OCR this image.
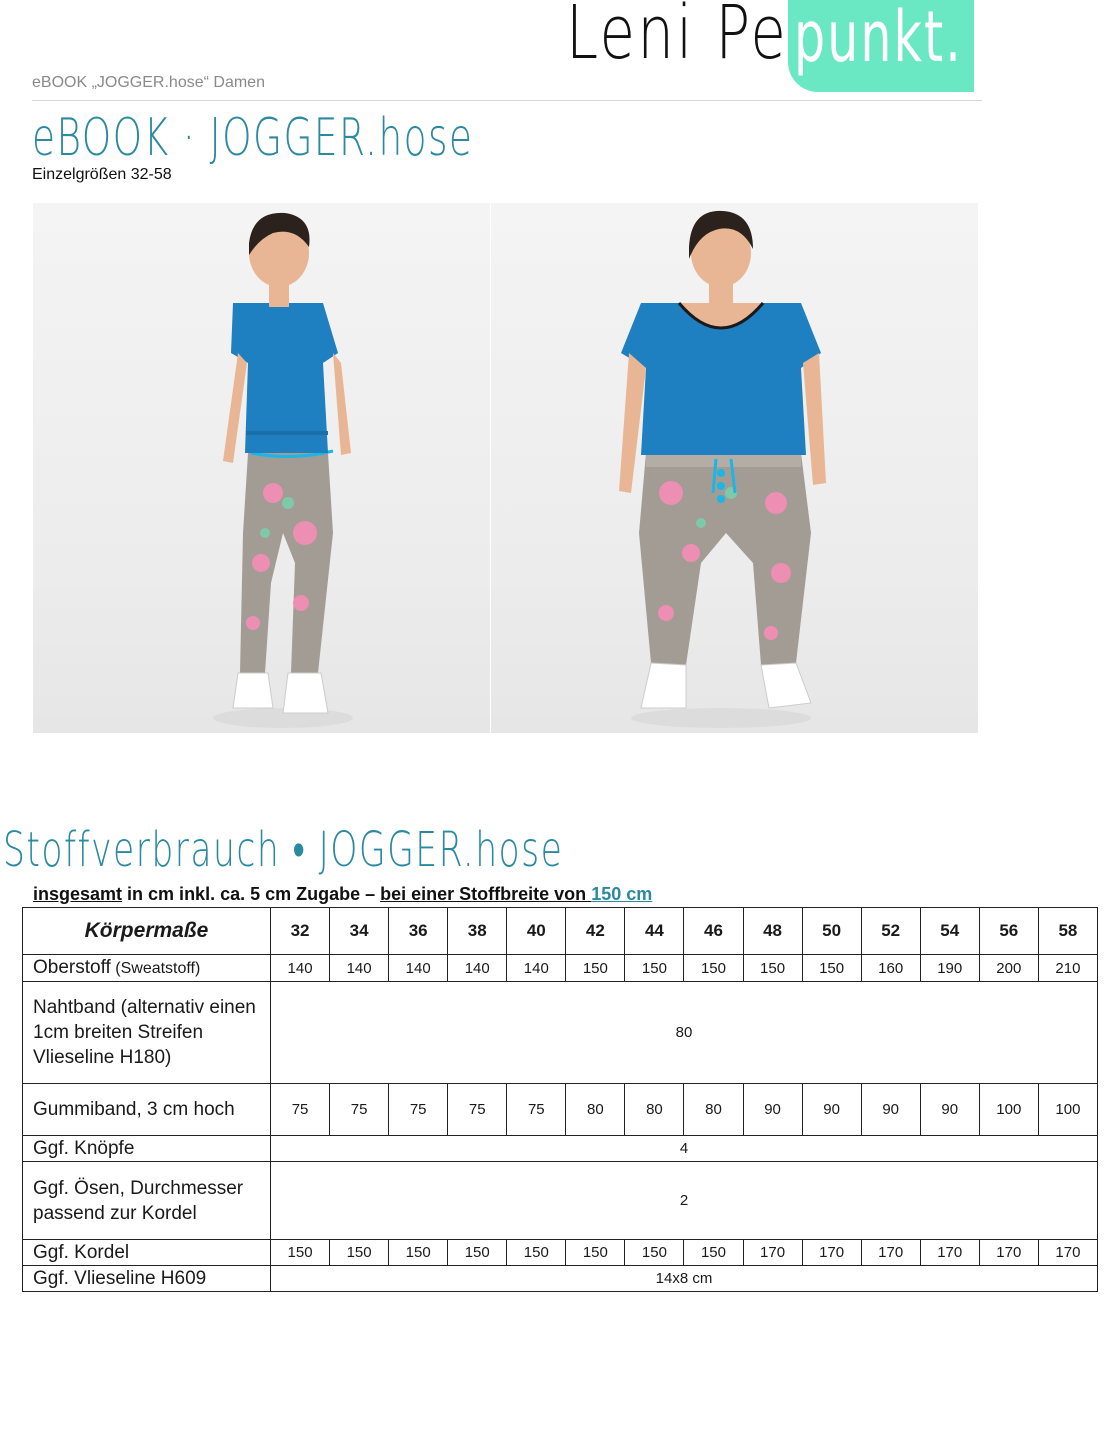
Leni Pe punkt.
eBOOK „JOGGER.hose“ Damen
eBOOK · JOGGER.hose
Einzelgrößen 32-58
Stoffverbrauch • JOGGER.hose
insgesamt in cm inkl. ca. 5 cm Zugabe – bei einer Stoffbreite von 150 cm
Körpermaße	32	34	36	38	40	42	44	46	48	50	52	54	56	58
Oberstoff (Sweatstoff)	140	140	140	140	140	150	150	150	150	150	160	190	200	210
Nahtband (alternativ einen 1cm breiten Streifen Vlieseline H180)	80													
Gummiband, 3 cm hoch	75	75	75	75	75	80	80	80	90	90	90	90	100	100
Ggf. Knöpfe	4													
Ggf. Ösen, Durchmesser passend zur Kordel	2													
Ggf. Kordel	150	150	150	150	150	150	150	150	170	170	170	170	170	170
Ggf. Vlieseline H609	14x8 cm													
